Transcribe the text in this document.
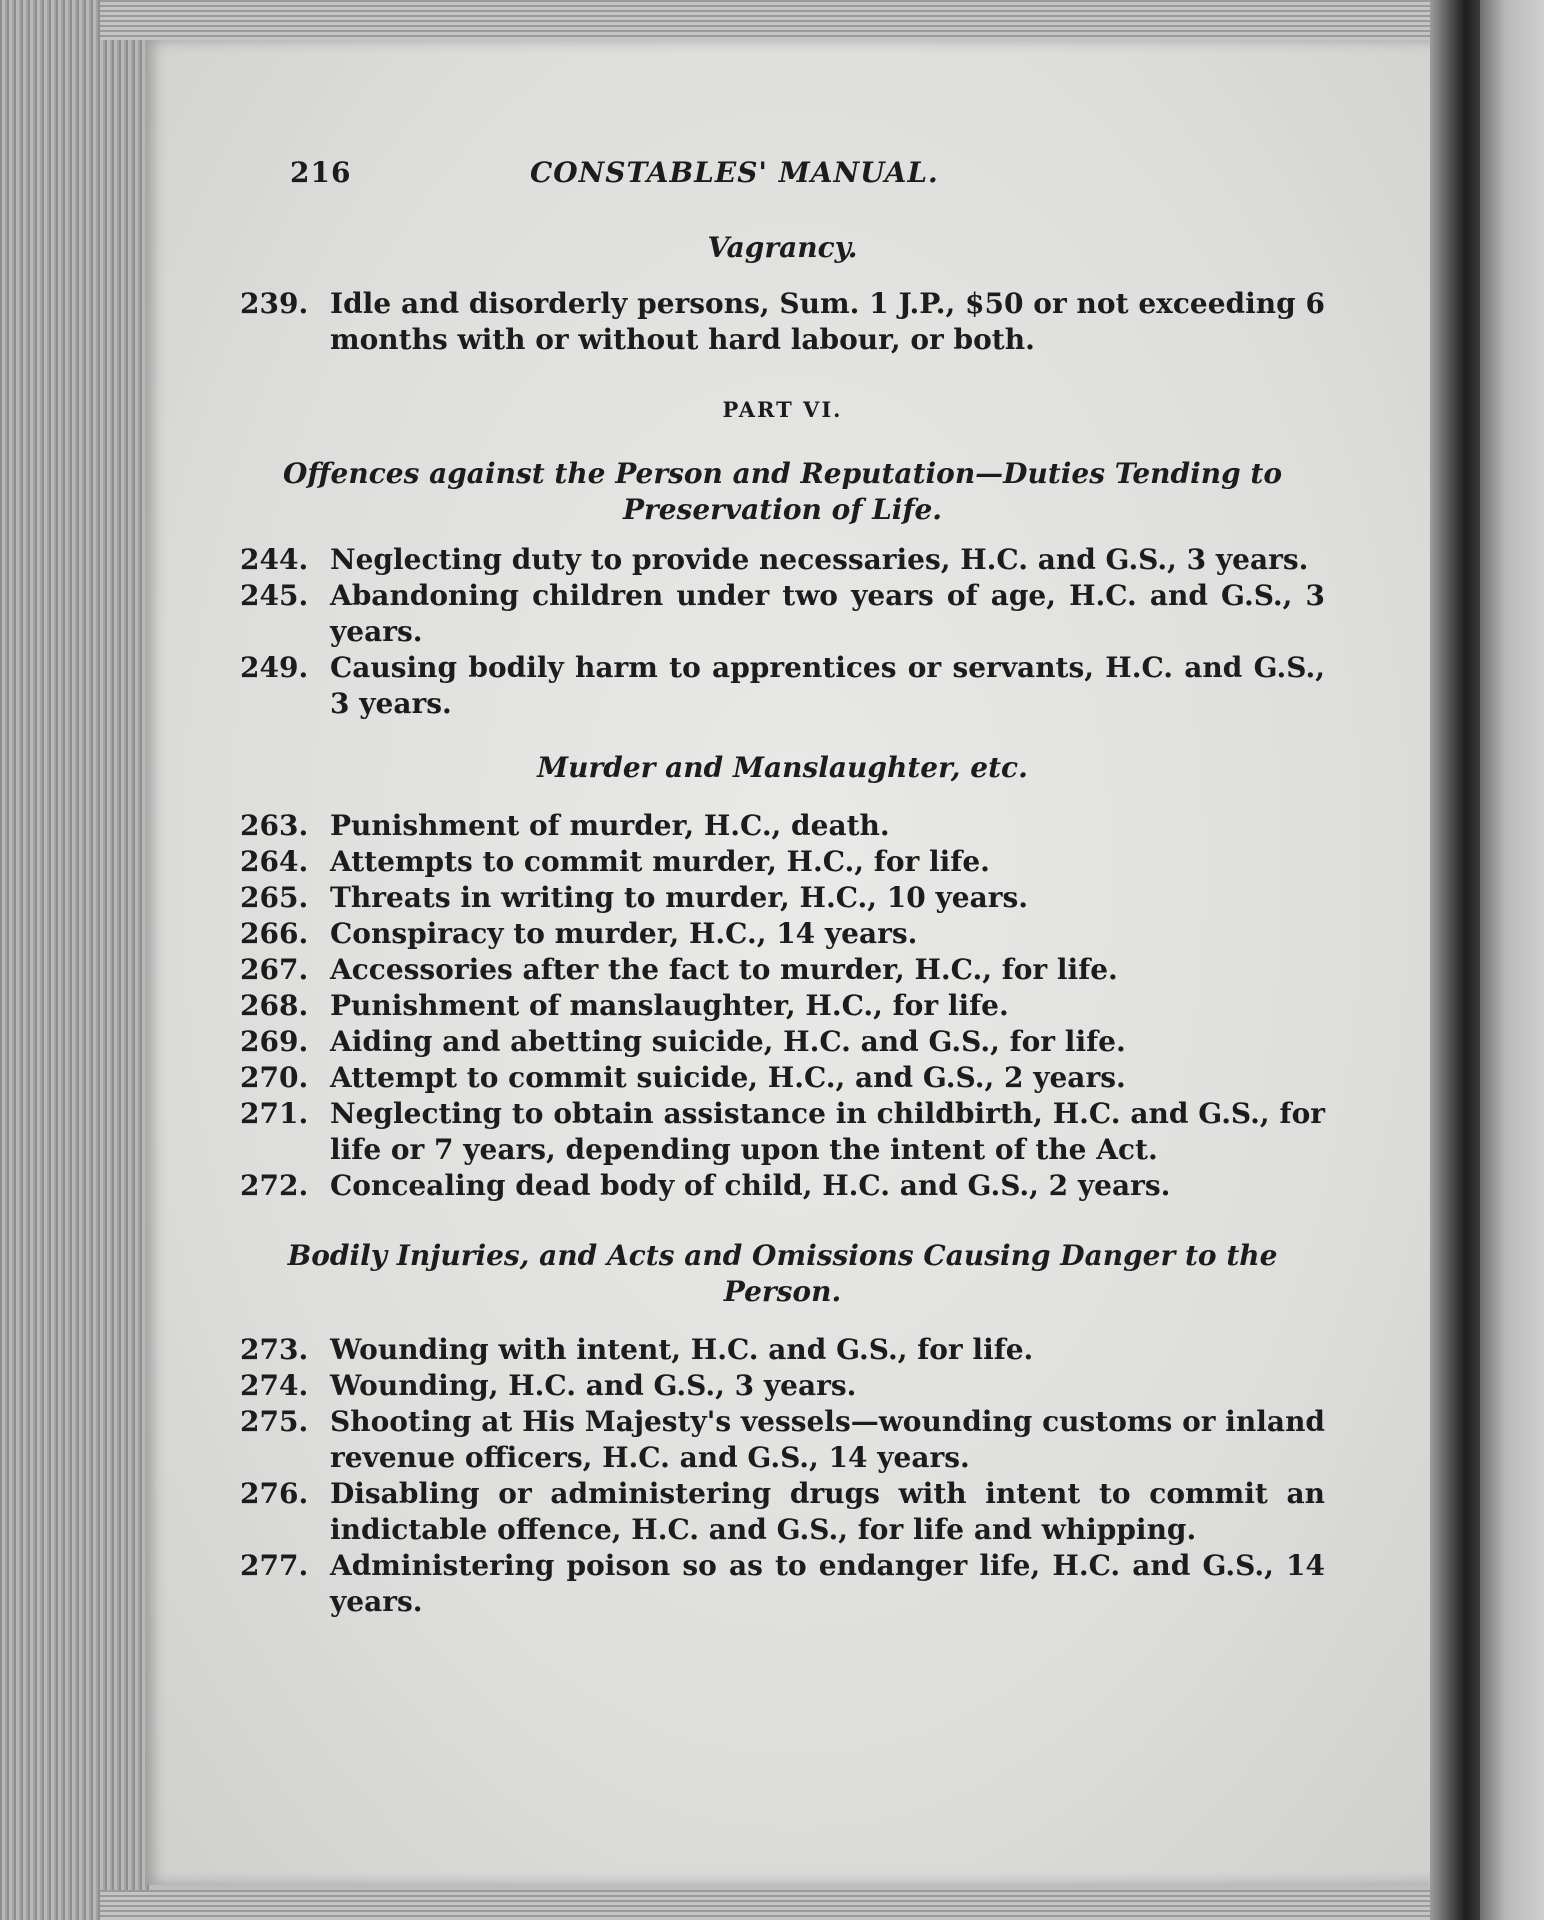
216	CONSTABLES' MANUAL.

Vagrancy.

239. Idle and disorderly persons, Sum. 1 J.P., $50 or not exceeding 6 months with or without hard labour, or both.

PART VI.

Offences against the Person and Reputation—Duties Tending to Preservation of Life.

244. Neglecting duty to provide necessaries, H.C. and G.S., 3 years.

245. Abandoning children under two years of age, H.C. and G.S., 3 years.

249. Causing bodily harm to apprentices or servants, H.C. and G.S., 3 years.

Murder and Manslaughter, etc.

263. Punishment of murder, H.C., death.

264. Attempts to commit murder, H.C., for life.

265. Threats in writing to murder, H.C., 10 years.

266. Conspiracy to murder, H.C., 14 years.

267. Accessories after the fact to murder, H.C., for life.

268. Punishment of manslaughter, H.C., for life.

269. Aiding and abetting suicide, H.C. and G.S., for life.

270. Attempt to commit suicide, H.C., and G.S., 2 years.

271. Neglecting to obtain assistance in childbirth, H.C. and G.S., for life or 7 years, depending upon the intent of the Act.

272. Concealing dead body of child, H.C. and G.S., 2 years.

Bodily Injuries, and Acts and Omissions Causing Danger to the Person.

273. Wounding with intent, H.C. and G.S., for life.

274. Wounding, H.C. and G.S., 3 years.

275. Shooting at His Majesty's vessels—wounding customs or inland revenue officers, H.C. and G.S., 14 years.

276. Disabling or administering drugs with intent to commit an indictable offence, H.C. and G.S., for life and whipping.

277. Administering poison so as to endanger life, H.C. and G.S., 14 years.
